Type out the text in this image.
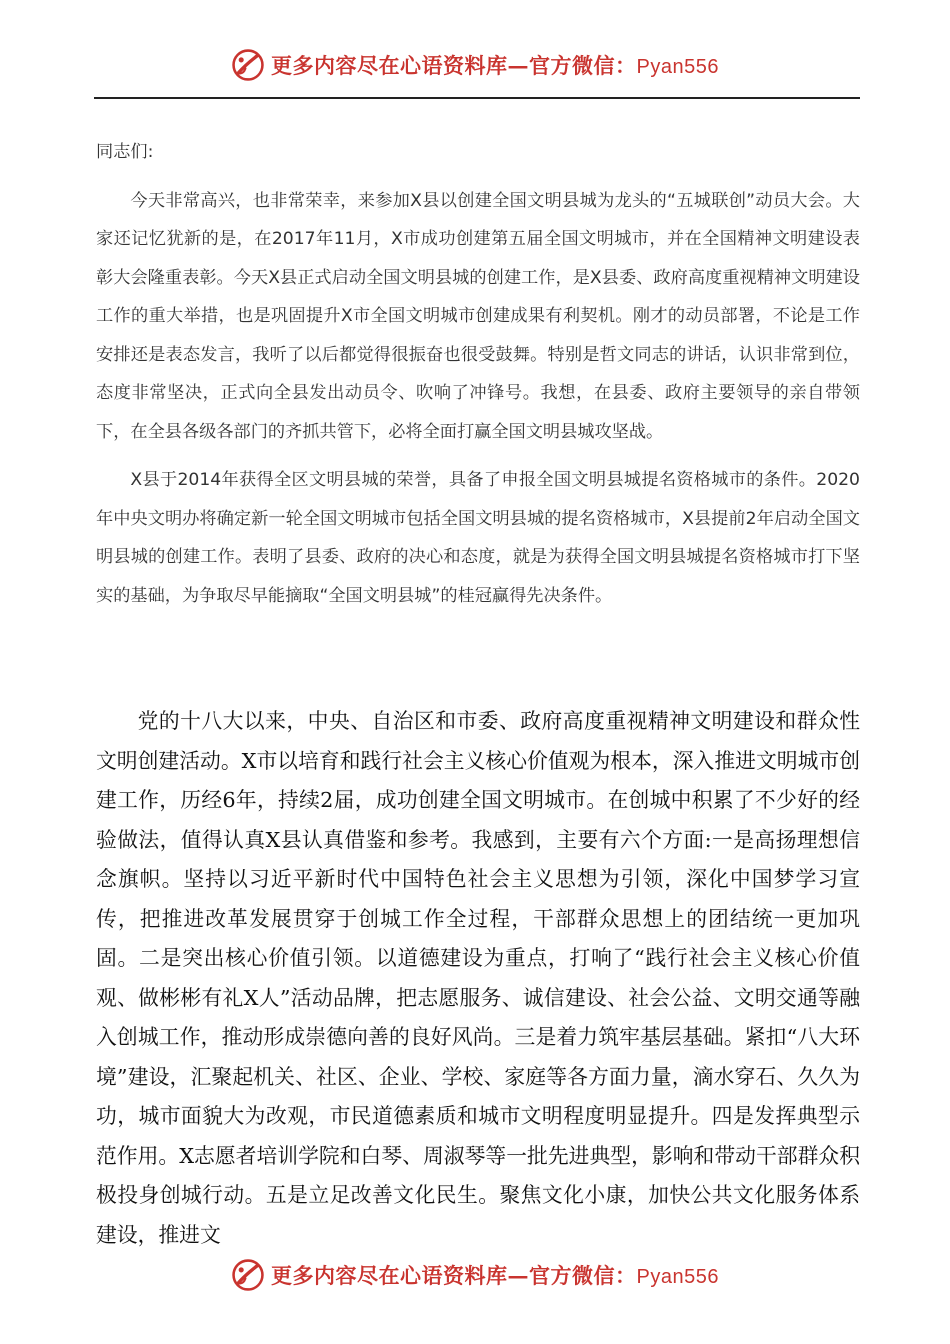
更多内容尽在心语资料库—官方微信：Pyan556

同志们:

今天非常高兴，也非常荣幸，来参加X县以创建全国文明县城为龙头的“五城联创”动员大会。大家还记忆犹新的是，在2017年11月，X市成功创建第五届全国文明城市，并在全国精神文明建设表彰大会隆重表彰。今天X县正式启动全国文明县城的创建工作，是X县委、政府高度重视精神文明建设工作的重大举措，也是巩固提升X市全国文明城市创建成果有利契机。刚才的动员部署，不论是工作安排还是表态发言，我听了以后都觉得很振奋也很受鼓舞。特别是哲文同志的讲话，认识非常到位，态度非常坚决，正式向全县发出动员令、吹响了冲锋号。我想，在县委、政府主要领导的亲自带领下，在全县各级各部门的齐抓共管下，必将全面打赢全国文明县城攻坚战。

X县于2014年获得全区文明县城的荣誉，具备了申报全国文明县城提名资格城市的条件。2020年中央文明办将确定新一轮全国文明城市包括全国文明县城的提名资格城市，X县提前2年启动全国文明县城的创建工作。表明了县委、政府的决心和态度，就是为获得全国文明县城提名资格城市打下坚实的基础，为争取尽早能摘取“全国文明县城”的桂冠赢得先决条件。

党的十八大以来，中央、自治区和市委、政府高度重视精神文明建设和群众性文明创建活动。X市以培育和践行社会主义核心价值观为根本，深入推进文明城市创建工作，历经6年，持续2届，成功创建全国文明城市。在创城中积累了不少好的经验做法，值得认真X县认真借鉴和参考。我感到，主要有六个方面:一是高扬理想信念旗帜。坚持以习近平新时代中国特色社会主义思想为引领，深化中国梦学习宣传，把推进改革发展贯穿于创城工作全过程，干部群众思想上的团结统一更加巩固。二是突出核心价值引领。以道德建设为重点，打响了“践行社会主义核心价值观、做彬彬有礼X人”活动品牌，把志愿服务、诚信建设、社会公益、文明交通等融入创城工作，推动形成崇德向善的良好风尚。三是着力筑牢基层基础。紧扣“八大环境”建设，汇聚起机关、社区、企业、学校、家庭等各方面力量，滴水穿石、久久为功，城市面貌大为改观，市民道德素质和城市文明程度明显提升。四是发挥典型示范作用。X志愿者培训学院和白琴、周淑琴等一批先进典型，影响和带动干部群众积极投身创城行动。五是立足改善文化民生。聚焦文化小康，加快公共文化服务体系建设，推进文

更多内容尽在心语资料库—官方微信：Pyan556
